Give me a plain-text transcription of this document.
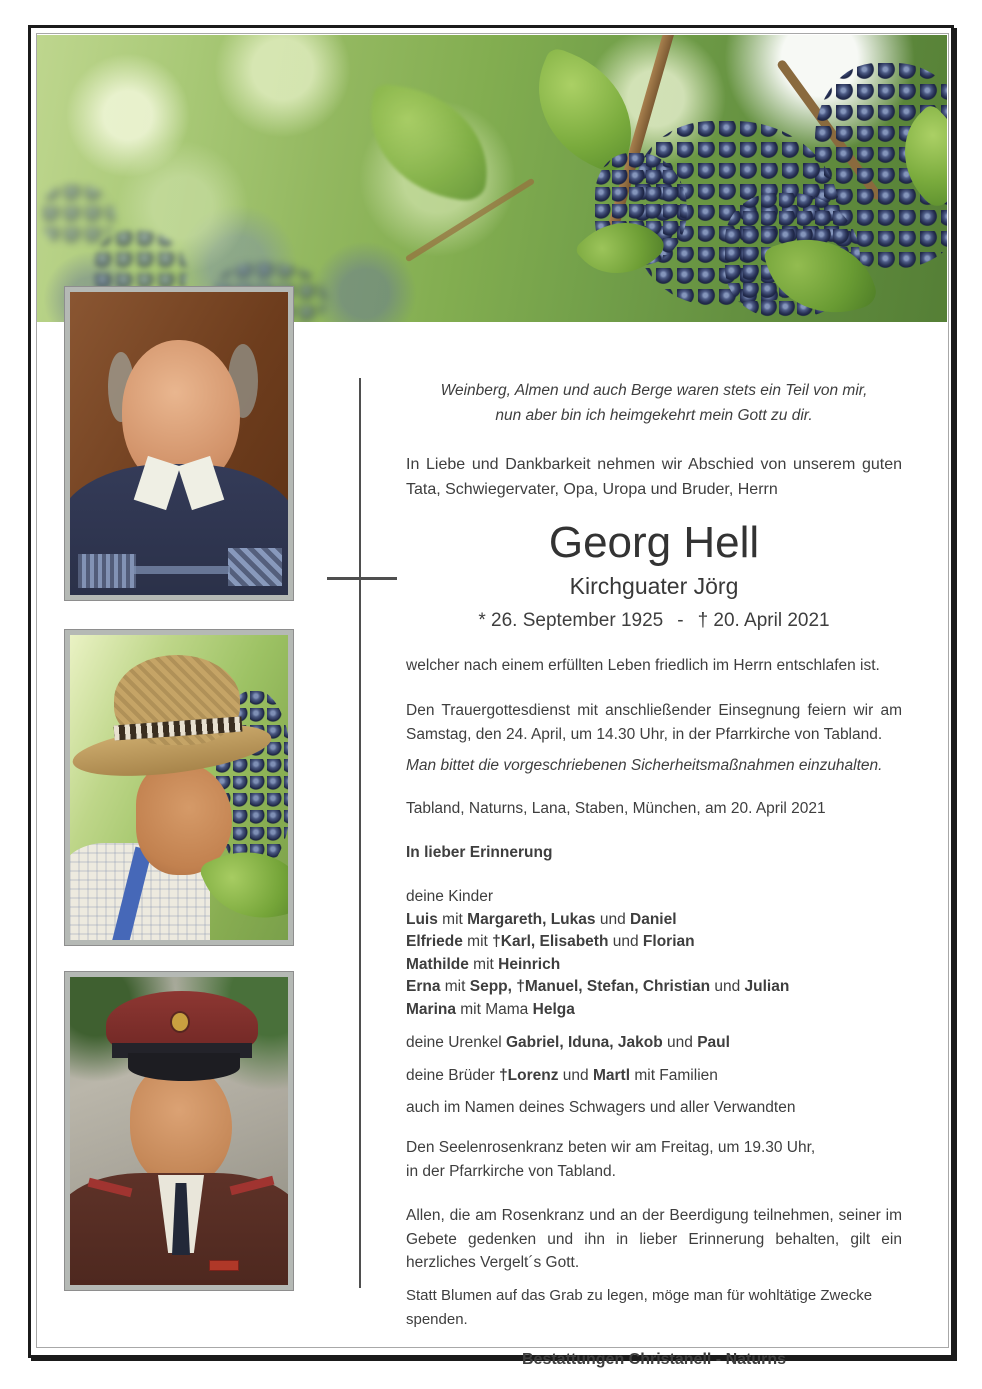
Weinberg, Almen und auch Berge waren stets ein Teil von mir,
nun aber bin ich heimgekehrt mein Gott zu dir.
In Liebe und Dankbarkeit nehmen wir Abschied von unserem guten Tata, Schwiegervater, Opa, Uropa und Bruder, Herrn
Georg Hell
Kirchguater Jörg
* 26. September 1925 - † 20. April 2021
welcher nach einem erfüllten Leben friedlich im Herrn entschlafen ist.
Den Trauergottesdienst mit anschließender Einsegnung feiern wir am Samstag, den 24. April, um 14.30 Uhr, in der Pfarrkirche von Tabland.
Man bittet die vorgeschriebenen Sicherheitsmaßnahmen einzuhalten.
Tabland, Naturns, Lana, Staben, München, am 20. April 2021
In lieber Erinnerung
deine Kinder
Luis mit Margareth, Lukas und Daniel
Elfriede mit †Karl, Elisabeth und Florian
Mathilde mit Heinrich
Erna mit Sepp, †Manuel, Stefan, Christian und Julian
Marina mit Mama Helga
deine Urenkel Gabriel, Iduna, Jakob und Paul
deine Brüder †Lorenz und Martl mit Familien
auch im Namen deines Schwagers und aller Verwandten
Den Seelenrosenkranz beten wir am Freitag, um 19.30 Uhr,
in der Pfarrkirche von Tabland.
Allen, die am Rosenkranz und an der Beerdigung teilnehmen, seiner im Gebete gedenken und ihn in lieber Erinnerung behalten, gilt ein herzliches Vergelt´s Gott.
Statt Blumen auf das Grab zu legen, möge man für wohltätige Zwecke spenden.
Bestattungen Christanell - Naturns
